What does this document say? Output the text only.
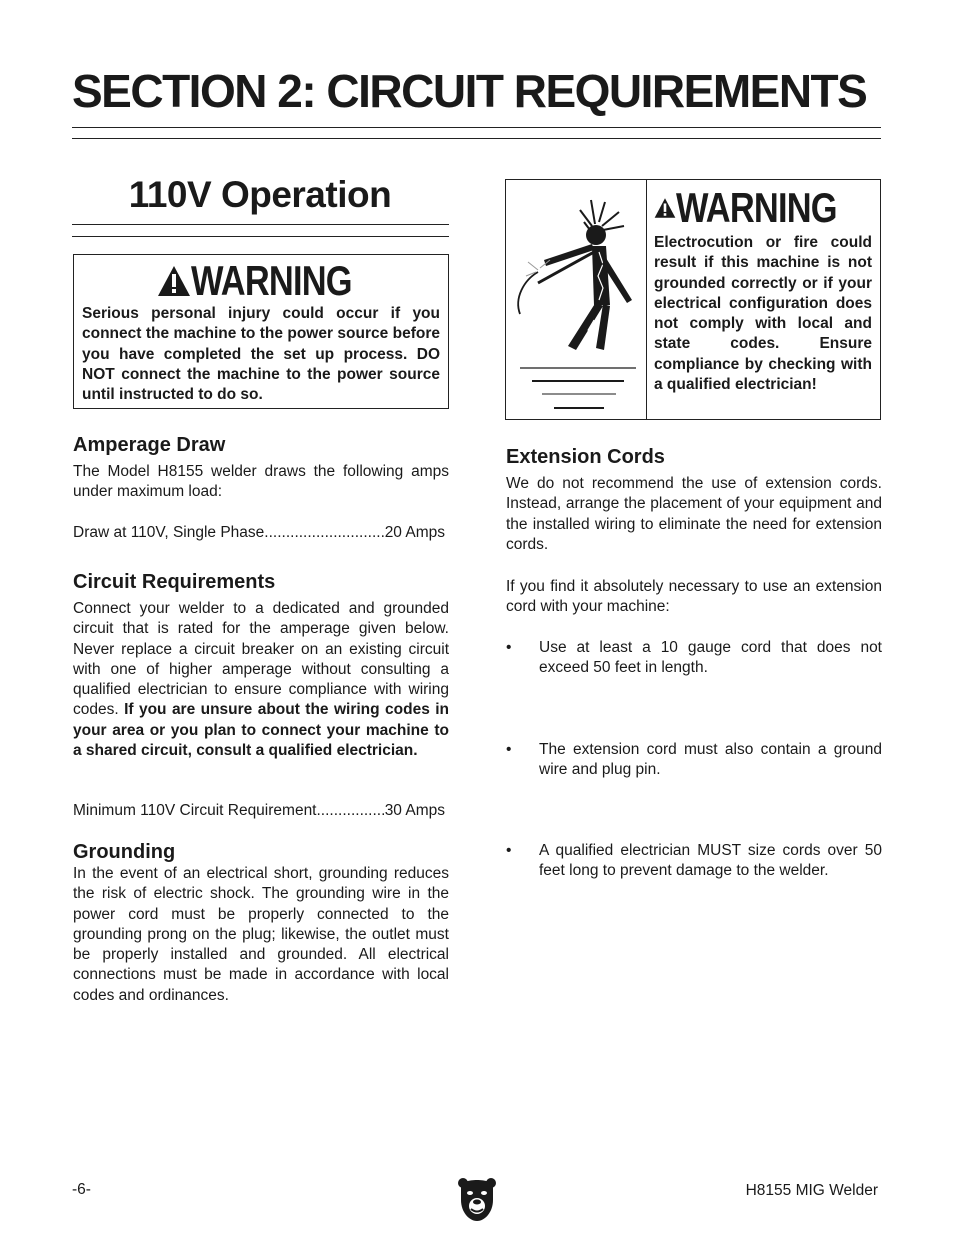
SECTION 2: CIRCUIT REQUIREMENTS
110V Operation
WARNING

Serious personal injury could occur if you connect the machine to the power source before you have completed the set up process. DO NOT connect the machine to the power source until instructed to do so.

Amperage Draw

The Model H8155 welder draws the following amps under maximum load:

Draw at 110V, Single Phase .....	20 Amps
Circuit Requirements

Connect your welder to a dedicated and grounded circuit that is rated for the amperage given below. Never replace a circuit breaker on an existing circuit with one of higher amperage without consulting a qualified electrician to ensure compliance with wiring codes. If you are unsure about the wiring codes in your area or you plan to connect your machine to a shared circuit, consult a qualified electrician.

Minimum 110V Circuit Requirement .....	30 Amps
Grounding

In the event of an electrical short, grounding reduces the risk of electric shock. The grounding wire in the power cord must be properly connected to the grounding prong on the plug; likewise, the outlet must be properly installed and grounded. All electrical connections must be made in accordance with local codes and ordinances.

WARNING

Electrocution or fire could result if this machine is not grounded correctly or if your electrical configuration does not comply with local and state codes. Ensure compliance by checking with a qualified electrician!

Extension Cords

We do not recommend the use of extension cords. Instead, arrange the placement of your equipment and the installed wiring to eliminate the need for extension cords.

If you find it absolutely necessary to use an extension cord with your machine:

• Use at least a 10 gauge cord that does not exceed 50 feet in length.
• The extension cord must also contain a ground wire and plug pin.
• A qualified electrician MUST size cords over 50 feet long to prevent damage to the welder.
-6-	H8155 MIG Welder
